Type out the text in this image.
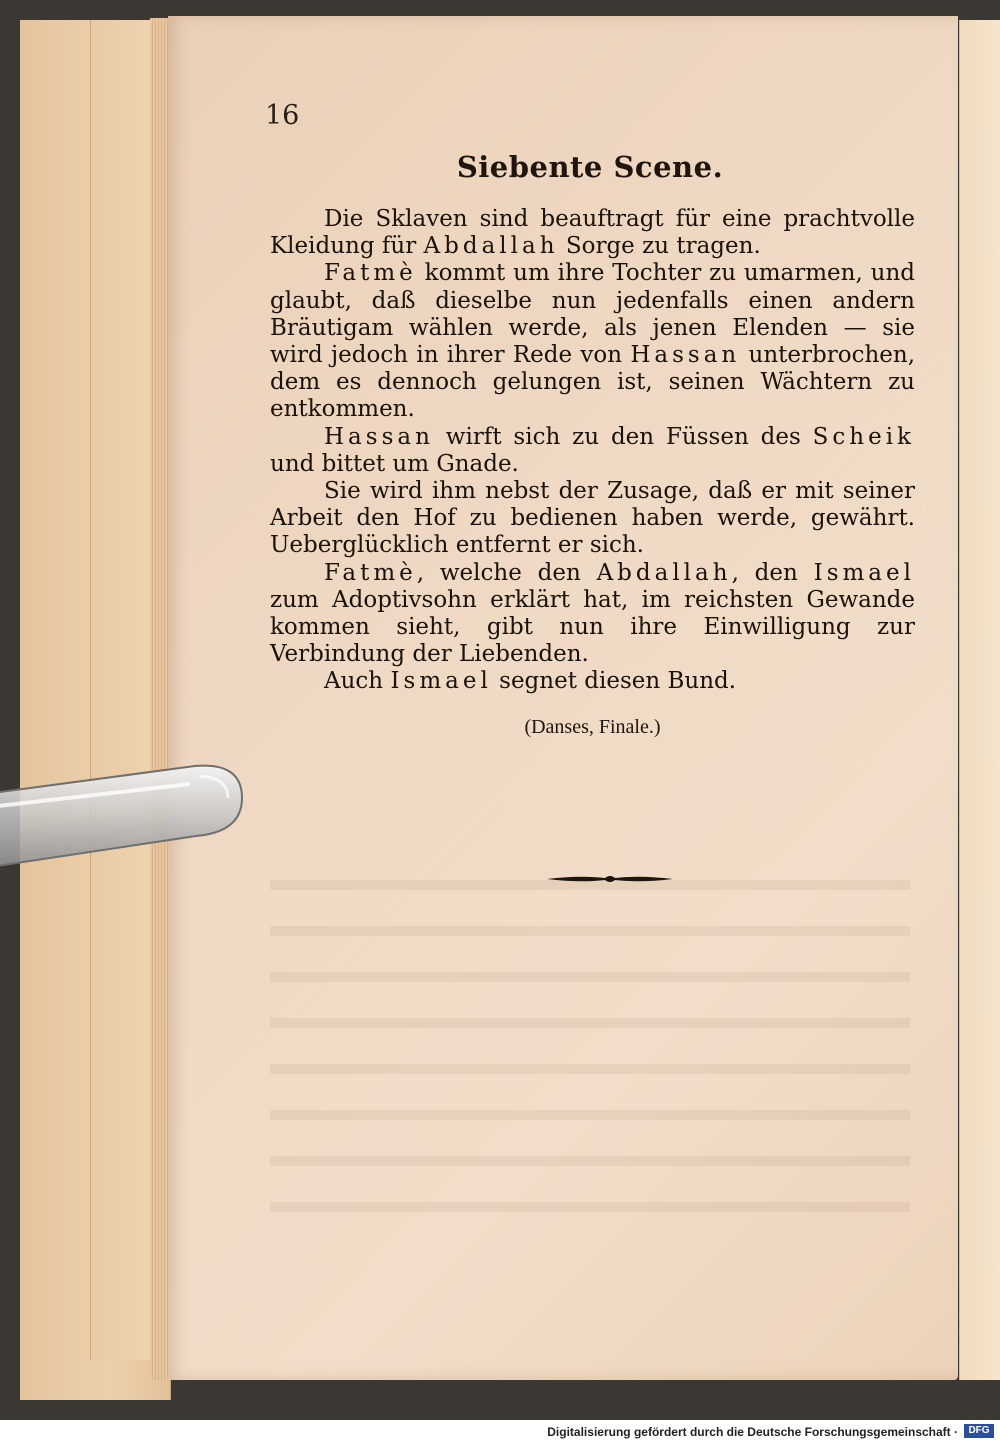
16
Siebente Scene.

Die Sklaven sind beauftragt für eine prachtvolle Kleidung für Abdallah Sorge zu tragen.

Fatmè kommt um ihre Tochter zu umarmen, und glaubt, daß dieselbe nun jedenfalls einen andern Bräutigam wählen werde, als jenen Elenden — sie wird jedoch in ihrer Rede von Hassan unterbrochen, dem es dennoch gelungen ist, seinen Wächtern zu entkommen.

Hassan wirft sich zu den Füssen des Scheik und bittet um Gnade.

Sie wird ihm nebst der Zusage, daß er mit seiner Arbeit den Hof zu bedienen haben werde, gewährt. Ueberglücklich entfernt er sich.

Fatmè, welche den Abdallah, den Ismael zum Adoptivsohn erklärt hat, im reichsten Gewande kommen sieht, gibt nun ihre Einwilligung zur Verbindung der Liebenden.

Auch Ismael segnet diesen Bund.

(Danses, Finale.)
Digitalisierung gefördert durch die Deutsche Forschungsgemeinschaft ·	DFG
